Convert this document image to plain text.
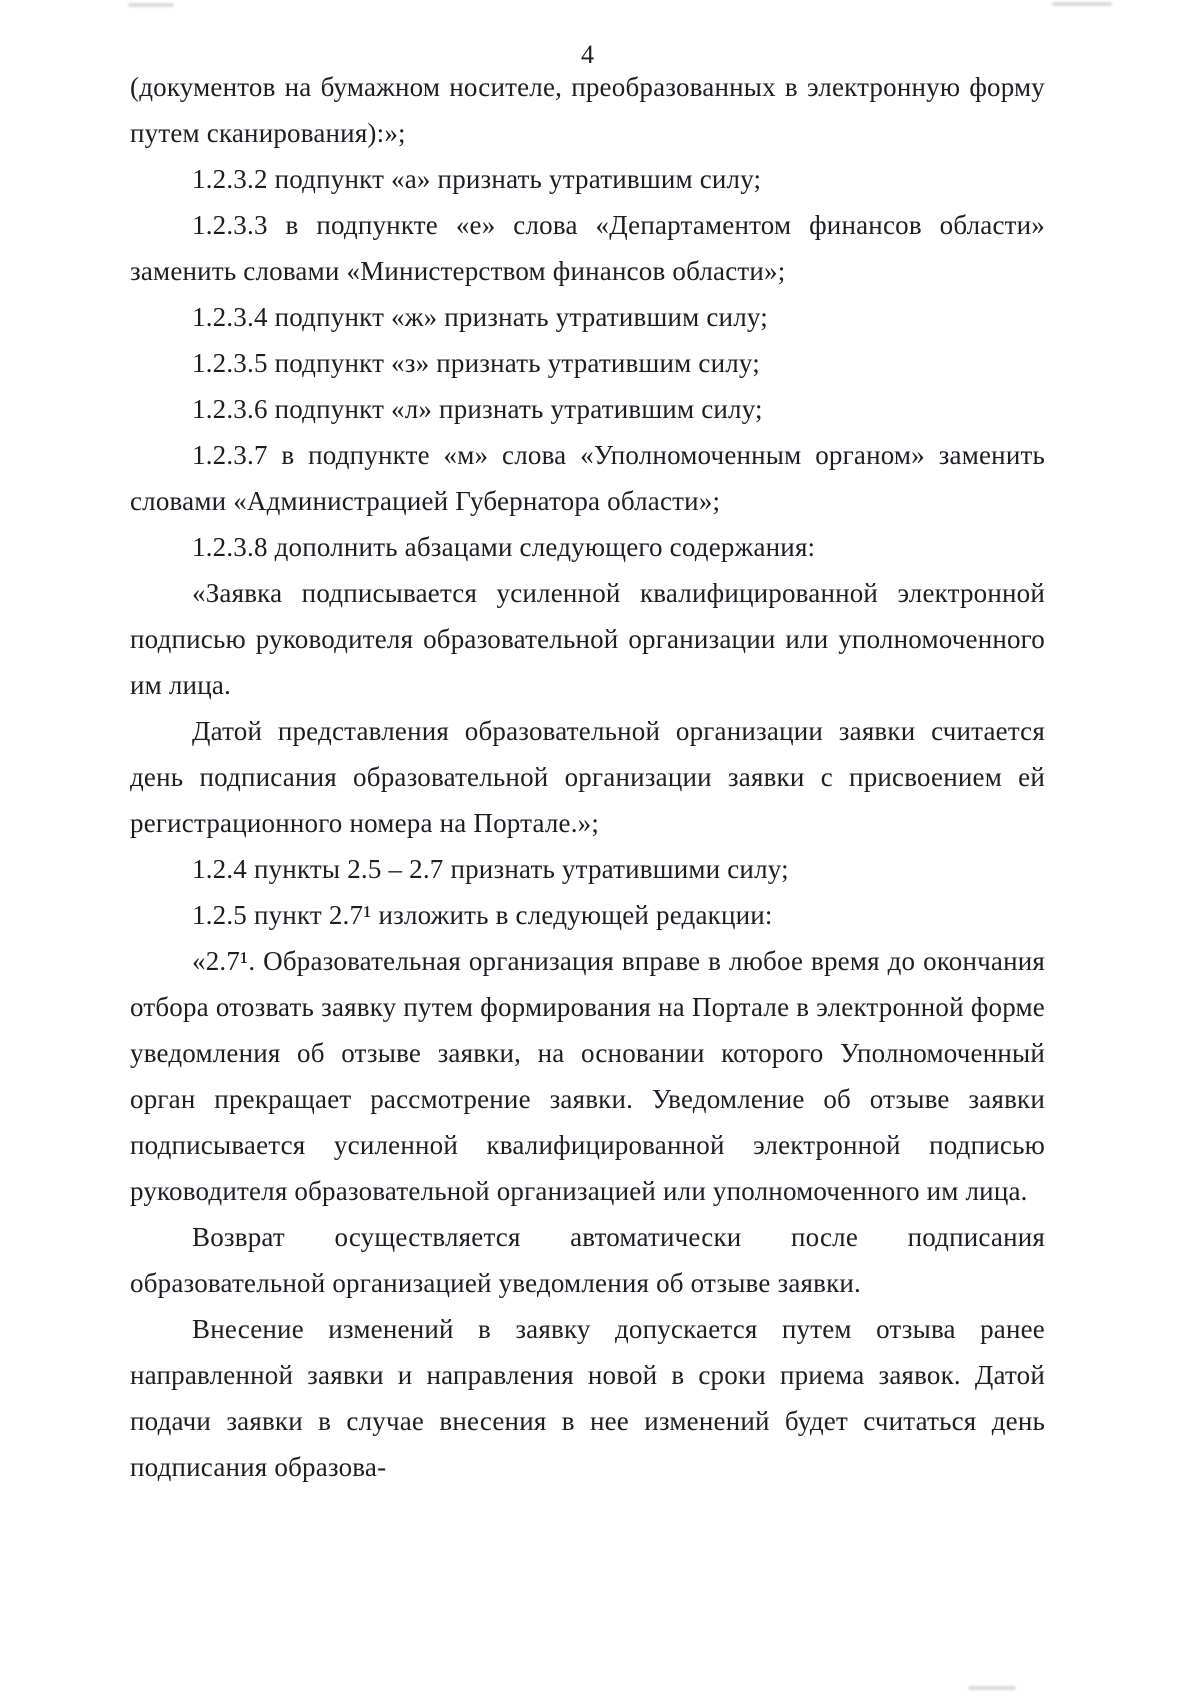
4

(документов на бумажном носителе, преобразованных в электронную форму путем сканирования):»;

1.2.3.2 подпункт «а» признать утратившим силу;

1.2.3.3 в подпункте «е» слова «Департаментом финансов области» заменить словами «Министерством финансов области»;

1.2.3.4 подпункт «ж» признать утратившим силу;

1.2.3.5 подпункт «з» признать утратившим силу;

1.2.3.6 подпункт «л» признать утратившим силу;

1.2.3.7 в подпункте «м» слова «Уполномоченным органом» заменить словами «Администрацией Губернатора области»;

1.2.3.8 дополнить абзацами следующего содержания:

«Заявка подписывается усиленной квалифицированной электронной подписью руководителя образовательной организации или уполномоченного им лица.

Датой представления образовательной организации заявки считается день подписания образовательной организации заявки с присвоением ей регистрационного номера на Портале.»;

1.2.4 пункты 2.5 – 2.7 признать утратившими силу;

1.2.5 пункт 2.7¹ изложить в следующей редакции:

«2.7¹. Образовательная организация вправе в любое время до окончания отбора отозвать заявку путем формирования на Портале в электронной форме уведомления об отзыве заявки, на основании которого Уполномоченный орган прекращает рассмотрение заявки. Уведомление об отзыве заявки подписывается усиленной квалифицированной электронной подписью руководителя образовательной организацией или уполномоченного им лица.

Возврат осуществляется автоматически после подписания образовательной организацией уведомления об отзыве заявки.

Внесение изменений в заявку допускается путем отзыва ранее направленной заявки и направления новой в сроки приема заявок. Датой подачи заявки в случае внесения в нее изменений будет считаться день подписания образова-
